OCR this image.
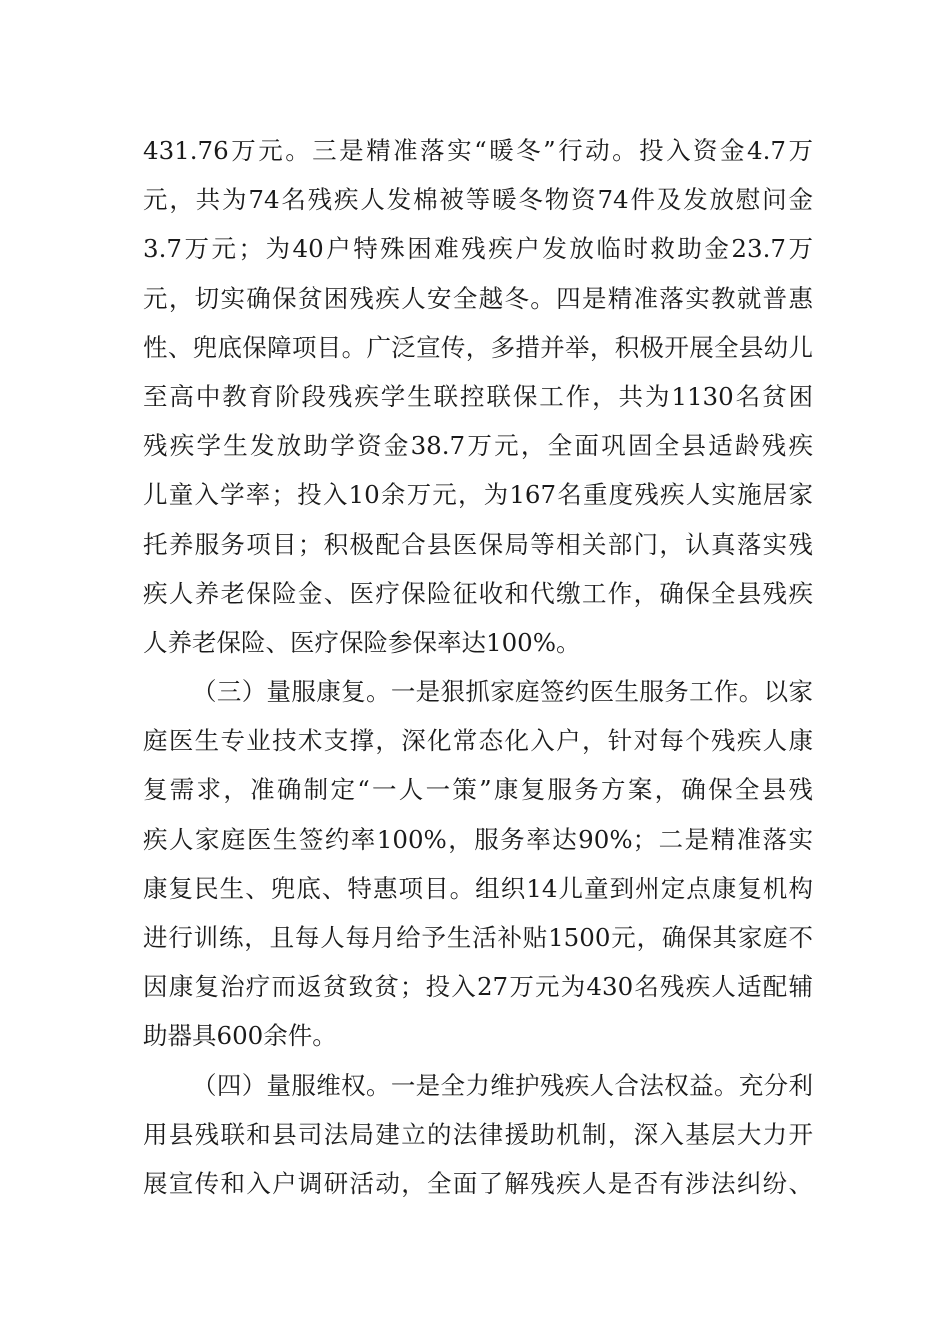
431.76万元。三是精准落实“暖冬”行动。投入资金4.7万
元，共为74名残疾人发棉被等暖冬物资74件及发放慰问金
3.7万元；为40户特殊困难残疾户发放临时救助金23.7万
元，切实确保贫困残疾人安全越冬。四是精准落实教就普惠
性、兜底保障项目。广泛宣传，多措并举，积极开展全县幼儿
至高中教育阶段残疾学生联控联保工作，共为1130名贫困
残疾学生发放助学资金38.7万元，全面巩固全县适龄残疾
儿童入学率；投入10余万元，为167名重度残疾人实施居家
托养服务项目；积极配合县医保局等相关部门，认真落实残
疾人养老保险金、医疗保险征收和代缴工作，确保全县残疾
人养老保险、医疗保险参保率达100%。
（三）量服康复。一是狠抓家庭签约医生服务工作。以家
庭医生专业技术支撑，深化常态化入户，针对每个残疾人康
复需求，准确制定“一人一策”康复服务方案，确保全县残
疾人家庭医生签约率100%，服务率达90%；二是精准落实
康复民生、兜底、特惠项目。组织14儿童到州定点康复机构
进行训练，且每人每月给予生活补贴1500元，确保其家庭不
因康复治疗而返贫致贫；投入27万元为430名残疾人适配辅
助器具600余件。
（四）量服维权。一是全力维护残疾人合法权益。充分利
用县残联和县司法局建立的法律援助机制，深入基层大力开
展宣传和入户调研活动，全面了解残疾人是否有涉法纠纷、
